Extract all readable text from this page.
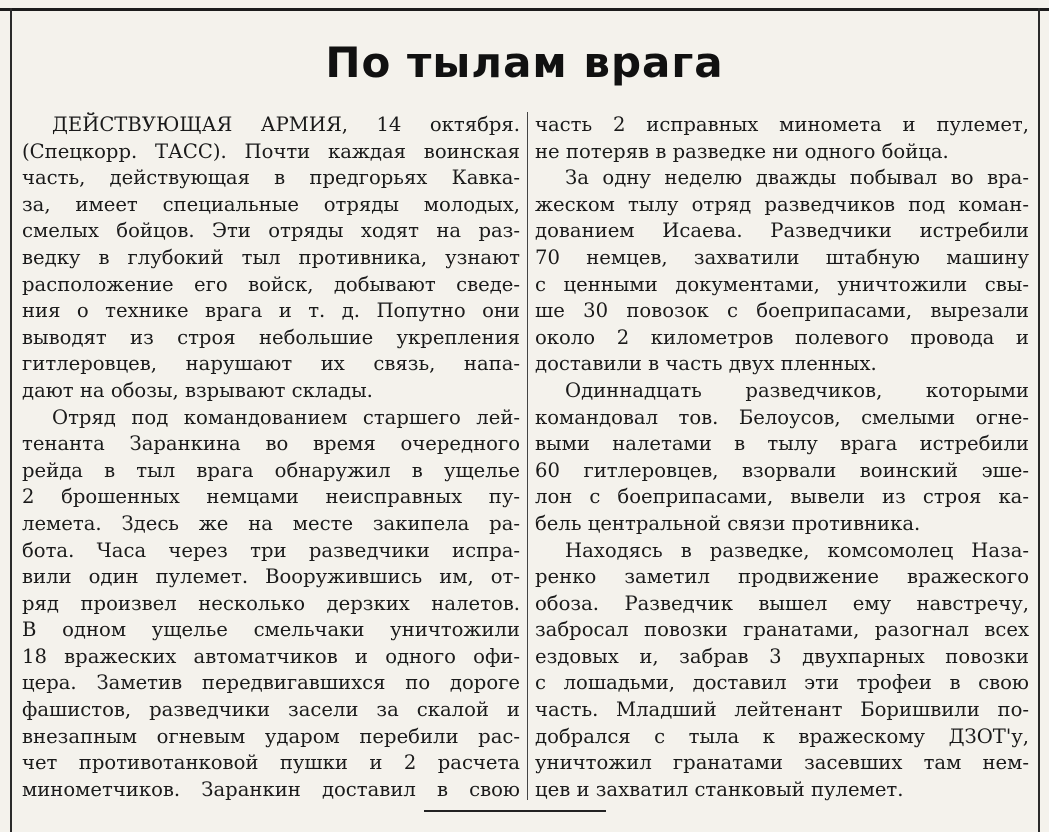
По тылам врага
ДЕЙСТВУЮЩАЯ АРМИЯ, 14 октября.
(Спецкорр. ТАСС). Почти каждая воинская
часть, действующая в предгорьях Кавка-
за, имеет специальные отряды молодых,
смелых бойцов. Эти отряды ходят на раз-
ведку в глубокий тыл противника, узнают
расположение его войск, добывают сведе-
ния о технике врага и т. д. Попутно они
выводят из строя небольшие укрепления
гитлеровцев, нарушают их связь, напа-
дают на обозы, взрывают склады.
Отряд под командованием старшего лей-
тенанта Заранкина во время очередного
рейда в тыл врага обнаружил в ущелье
2 брошенных немцами неисправных пу-
лемета. Здесь же на месте закипела ра-
бота. Часа через три разведчики испра-
вили один пулемет. Вооружившись им, от-
ряд произвел несколько дерзких налетов.
В одном ущелье смельчаки уничтожили
18 вражеских автоматчиков и одного офи-
цера. Заметив передвигавшихся по дороге
фашистов, разведчики засели за скалой и
внезапным огневым ударом перебили рас-
чет противотанковой пушки и 2 расчета
минометчиков. Заранкин доставил в свою
часть 2 исправных миномета и пулемет,
не потеряв в разведке ни одного бойца.
За одну неделю дважды побывал во вра-
жеском тылу отряд разведчиков под коман-
дованием Исаева. Разведчики истребили
70 немцев, захватили штабную машину
с ценными документами, уничтожили свы-
ше 30 повозок с боеприпасами, вырезали
около 2 километров полевого провода и
доставили в часть двух пленных.
Одиннадцать разведчиков, которыми
командовал тов. Белоусов, смелыми огне-
выми налетами в тылу врага истребили
60 гитлеровцев, взорвали воинский эше-
лон с боеприпасами, вывели из строя ка-
бель центральной связи противника.
Находясь в разведке, комсомолец Наза-
ренко заметил продвижение вражеского
обоза. Разведчик вышел ему навстречу,
забросал повозки гранатами, разогнал всех
ездовых и, забрав 3 двухпарных повозки
с лошадьми, доставил эти трофеи в свою
часть. Младший лейтенант Боришвили по-
добрался с тыла к вражескому ДЗОТ'у,
уничтожил гранатами засевших там нем-
цев и захватил станковый пулемет.
